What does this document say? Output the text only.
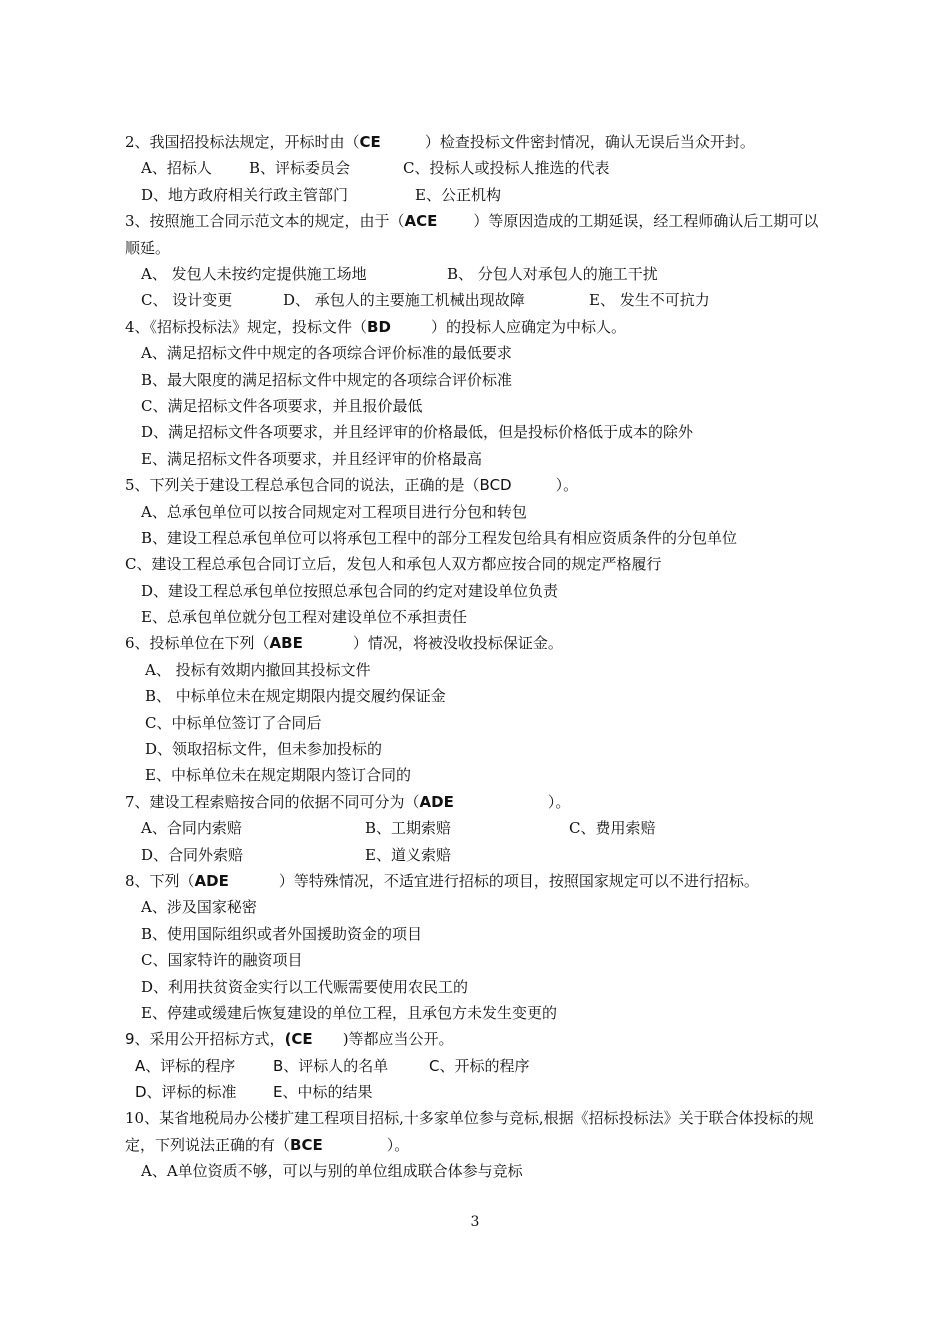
2、我国招投标法规定，开标时由（CE	）检查投标文件密封情况，确认无误后当众开封。
A、招标人 B、评标委员会	C、投标人或投标人推选的代表
D、地方政府相关行政主管部门	E、公正机构
3、按照施工合同示范文本的规定，由于（ACE ）等原因造成的工期延误，经工程师确认后工期可以顺延。
A、 发包人未按约定提供施工场地	B、 分包人对承包人的施工干扰
C、 设计变更	D、 承包人的主要施工机械出现故障	E、 发生不可抗力
4、《招标投标法》规定，投标文件（BD	）的投标人应确定为中标人。
A、满足招标文件中规定的各项综合评价标准的最低要求
B、最大限度的满足招标文件中规定的各项综合评价标准
C、满足招标文件各项要求，并且报价最低
D、满足招标文件各项要求，并且经评审的价格最低，但是投标价格低于成本的除外
E、满足招标文件各项要求，并且经评审的价格最高
5、下列关于建设工程总承包合同的说法，正确的是（BCD	）。
A、总承包单位可以按合同规定对工程项目进行分包和转包
B、建设工程总承包单位可以将承包工程中的部分工程发包给具有相应资质条件的分包单位
C、建设工程总承包合同订立后，发包人和承包人双方都应按合同的规定严格履行
D、建设工程总承包单位按照总承包合同的约定对建设单位负责
E、总承包单位就分包工程对建设单位不承担责任
6、投标单位在下列（ABE	）情况，将被没收投标保证金。
A、 投标有效期内撤回其投标文件
B、 中标单位未在规定期限内提交履约保证金
C、中标单位签订了合同后
D、领取招标文件，但未参加投标的
E、中标单位未在规定期限内签订合同的
7、建设工程索赔按合同的依据不同可分为（ADE	）。
A、合同内索赔	B、工期索赔	C、费用索赔
D、合同外索赔	E、道义索赔
8、下列（ADE	）等特殊情况，不适宜进行招标的项目，按照国家规定可以不进行招标。
A、涉及国家秘密
B、使用国际组织或者外国援助资金的项目
C、国家特许的融资项目
D、利用扶贫资金实行以工代赈需要使用农民工的
E、停建或缓建后恢复建设的单位工程，且承包方未发生变更的
9、采用公开招标方式，(CE )等都应当公开。
A、评标的程序	B、评标人的名单	C、开标的程序
D、评标的标准 E、中标的结果
10、某省地税局办公楼扩建工程项目招标,十多家单位参与竞标,根据《招标投标法》关于联合体投标的规定，下列说法正确的有（BCE	）。
A、A单位资质不够，可以与别的单位组成联合体参与竞标
3
